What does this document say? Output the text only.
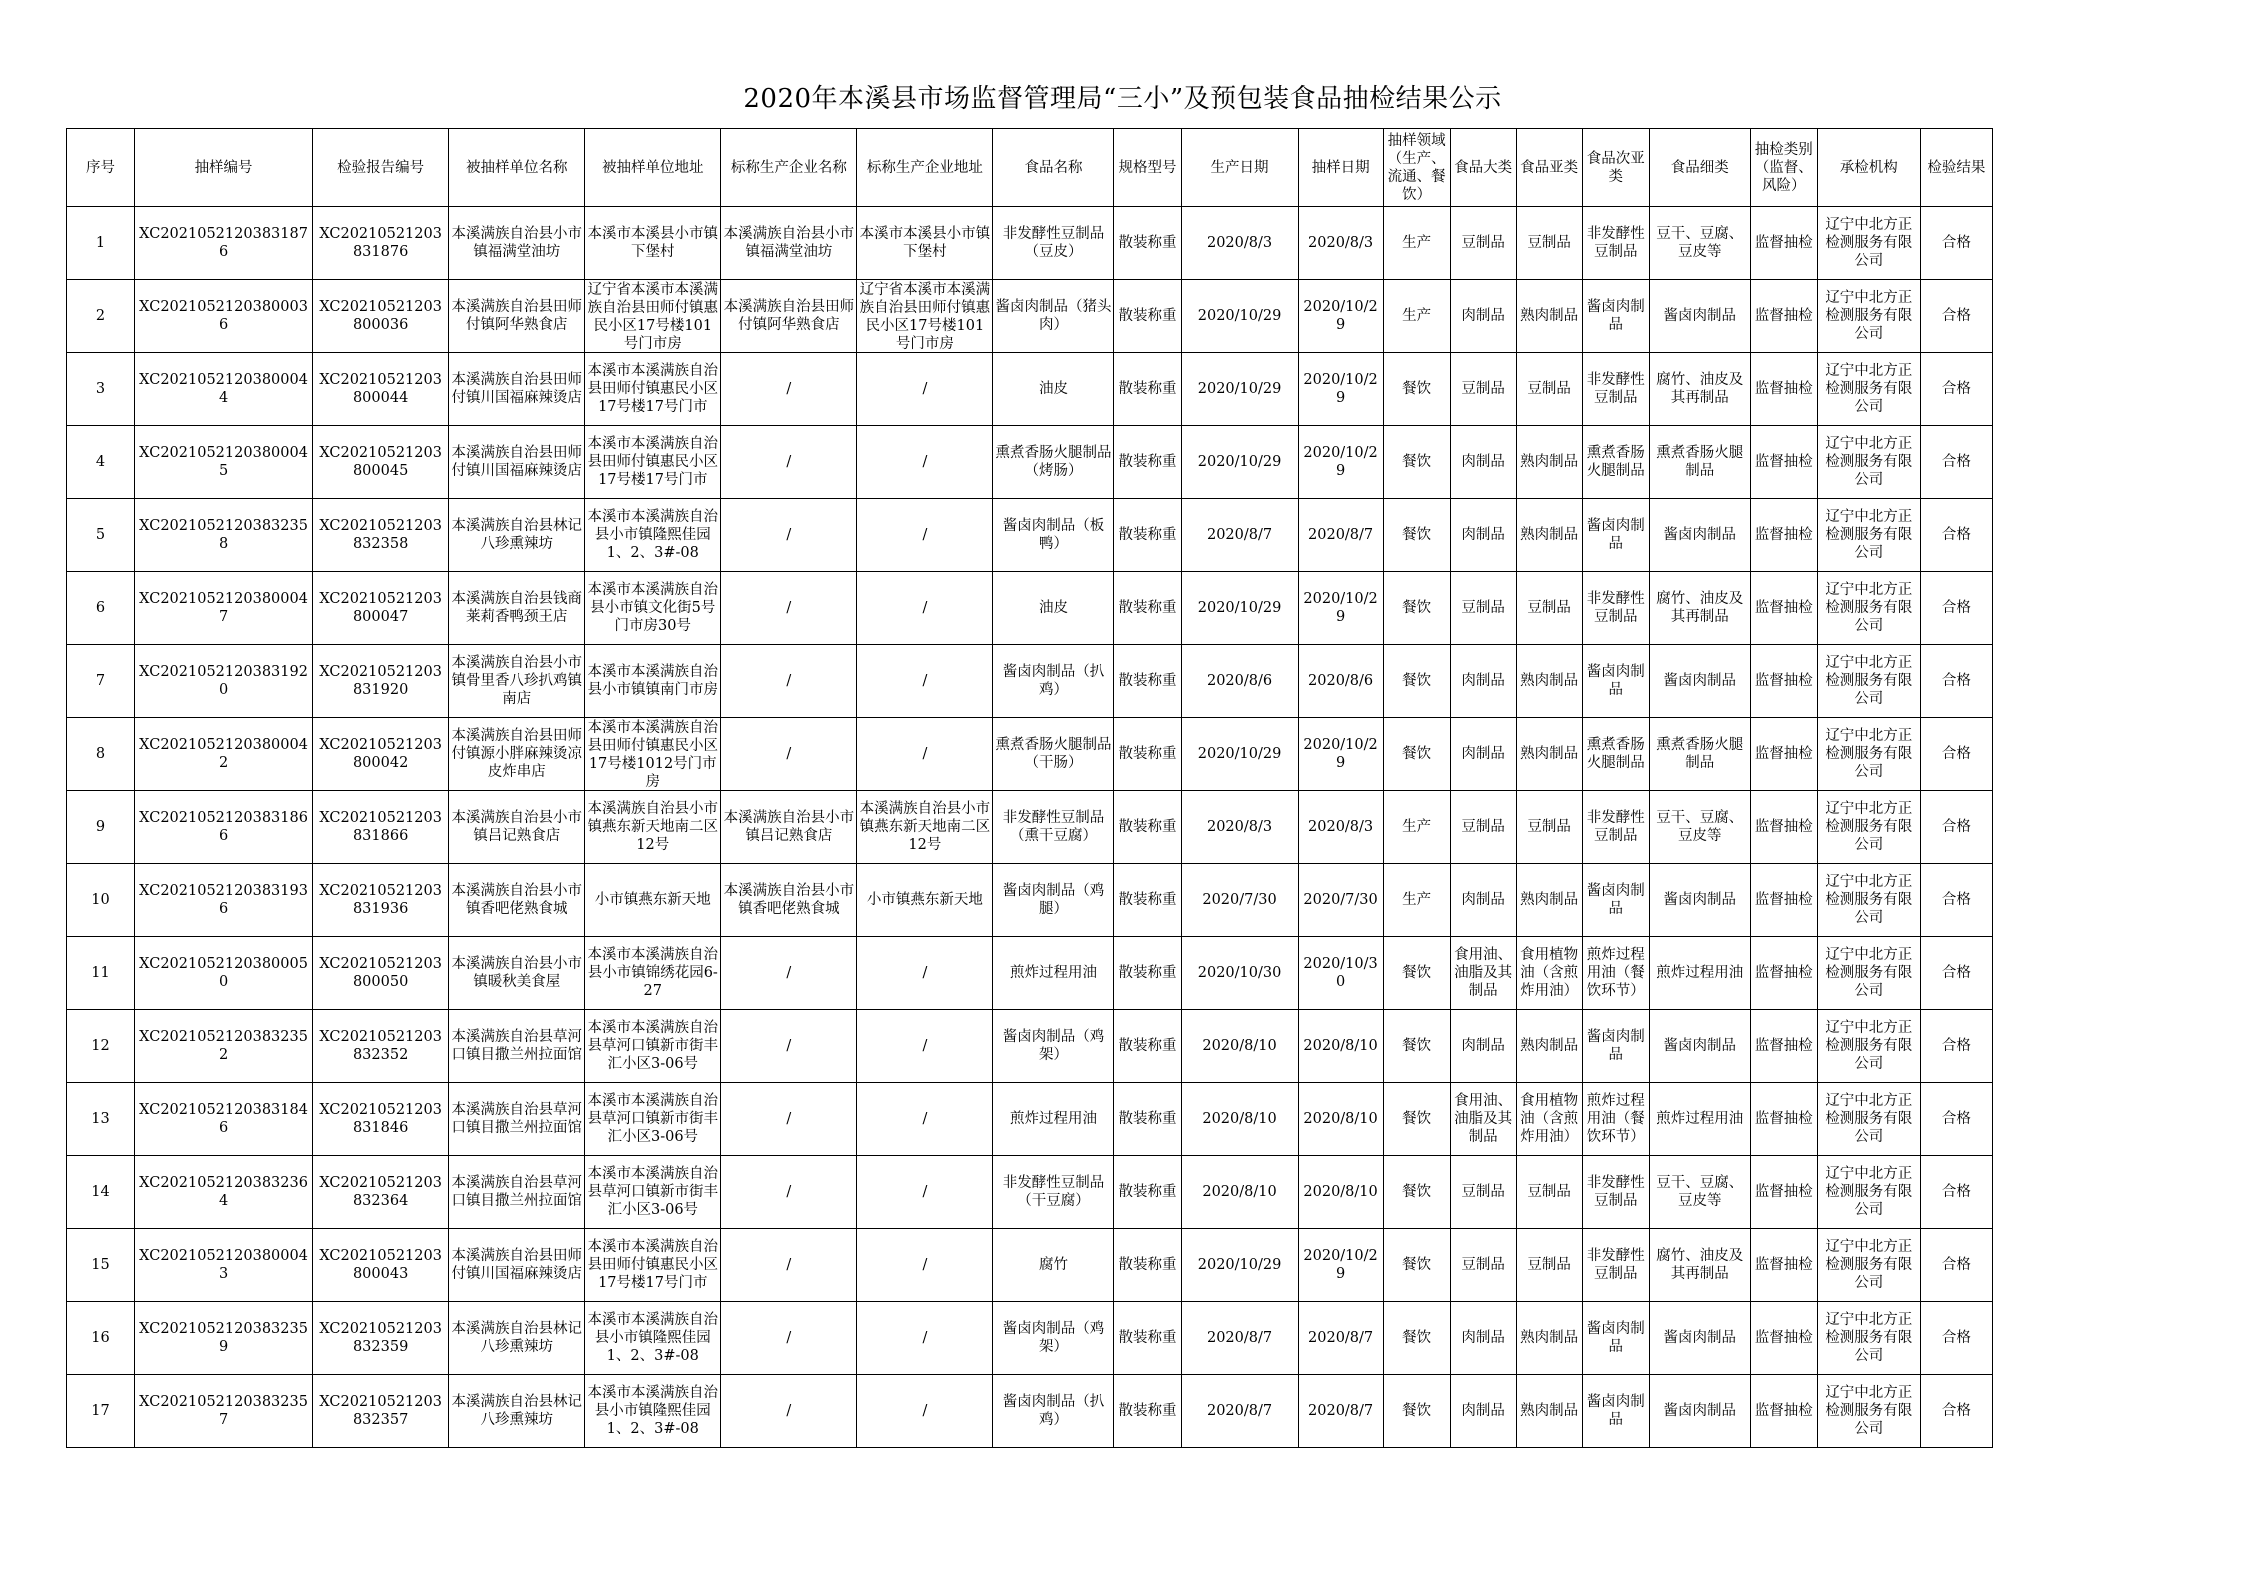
2020年本溪县市场监督管理局“三小”及预包装食品抽检结果公示
序号	抽样编号	检验报告编号	被抽样单位名称	被抽样单位地址	标称生产企业名称	标称生产企业地址	食品名称	规格型号	生产日期	抽样日期	抽样领域（生产、流通、餐饮）	食品大类	食品亚类	食品次亚类	食品细类	抽检类别（监督、风险）	承检机构	检验结果

1	XC20210521203831876	XC20210521203831876	本溪满族自治县小市镇福满堂油坊	本溪市本溪县小市镇下堡村	本溪满族自治县小市镇福满堂油坊	本溪市本溪县小市镇下堡村	非发酵性豆制品（豆皮）	散装称重	2020/8/3	2020/8/3	生产	豆制品	豆制品	非发酵性豆制品	豆干、豆腐、豆皮等	监督抽检	辽宁中北方正检测服务有限公司	合格

2	XC20210521203800036	XC20210521203800036	本溪满族自治县田师付镇阿华熟食店	辽宁省本溪市本溪满族自治县田师付镇惠民小区17号楼101号门市房	本溪满族自治县田师付镇阿华熟食店	辽宁省本溪市本溪满族自治县田师付镇惠民小区17号楼101号门市房	酱卤肉制品（猪头肉）	散装称重	2020/10/29	2020/10/29	生产	肉制品	熟肉制品	酱卤肉制品	酱卤肉制品	监督抽检	辽宁中北方正检测服务有限公司	合格

3	XC20210521203800044	XC20210521203800044	本溪满族自治县田师付镇川国福麻辣烫店	本溪市本溪满族自治县田师付镇惠民小区17号楼17号门市	/	/	油皮	散装称重	2020/10/29	2020/10/29	餐饮	豆制品	豆制品	非发酵性豆制品	腐竹、油皮及其再制品	监督抽检	辽宁中北方正检测服务有限公司	合格

4	XC20210521203800045	XC20210521203800045	本溪满族自治县田师付镇川国福麻辣烫店	本溪市本溪满族自治县田师付镇惠民小区17号楼17号门市	/	/	熏煮香肠火腿制品（烤肠）	散装称重	2020/10/29	2020/10/29	餐饮	肉制品	熟肉制品	熏煮香肠火腿制品	熏煮香肠火腿制品	监督抽检	辽宁中北方正检测服务有限公司	合格

5	XC20210521203832358	XC20210521203832358	本溪满族自治县林记八珍熏辣坊	本溪市本溪满族自治县小市镇隆熙佳园1、2、3#-08	/	/	酱卤肉制品（板鸭）	散装称重	2020/8/7	2020/8/7	餐饮	肉制品	熟肉制品	酱卤肉制品	酱卤肉制品	监督抽检	辽宁中北方正检测服务有限公司	合格

6	XC20210521203800047	XC20210521203800047	本溪满族自治县钱商莱莉香鸭颈王店	本溪市本溪满族自治县小市镇文化街5号门市房30号	/	/	油皮	散装称重	2020/10/29	2020/10/29	餐饮	豆制品	豆制品	非发酵性豆制品	腐竹、油皮及其再制品	监督抽检	辽宁中北方正检测服务有限公司	合格

7	XC20210521203831920	XC20210521203831920	本溪满族自治县小市镇骨里香八珍扒鸡镇南店	本溪市本溪满族自治县小市镇镇南门市房	/	/	酱卤肉制品（扒鸡）	散装称重	2020/8/6	2020/8/6	餐饮	肉制品	熟肉制品	酱卤肉制品	酱卤肉制品	监督抽检	辽宁中北方正检测服务有限公司	合格

8	XC20210521203800042	XC20210521203800042	本溪满族自治县田师付镇源小胖麻辣烫凉皮炸串店	本溪市本溪满族自治县田师付镇惠民小区17号楼1012号门市房	/	/	熏煮香肠火腿制品（干肠）	散装称重	2020/10/29	2020/10/29	餐饮	肉制品	熟肉制品	熏煮香肠火腿制品	熏煮香肠火腿制品	监督抽检	辽宁中北方正检测服务有限公司	合格

9	XC20210521203831866	XC20210521203831866	本溪满族自治县小市镇吕记熟食店	本溪满族自治县小市镇燕东新天地南二区12号	本溪满族自治县小市镇吕记熟食店	本溪满族自治县小市镇燕东新天地南二区12号	非发酵性豆制品（熏干豆腐）	散装称重	2020/8/3	2020/8/3	生产	豆制品	豆制品	非发酵性豆制品	豆干、豆腐、豆皮等	监督抽检	辽宁中北方正检测服务有限公司	合格

10	XC20210521203831936	XC20210521203831936	本溪满族自治县小市镇香吧佬熟食城	小市镇燕东新天地	本溪满族自治县小市镇香吧佬熟食城	小市镇燕东新天地	酱卤肉制品（鸡腿）	散装称重	2020/7/30	2020/7/30	生产	肉制品	熟肉制品	酱卤肉制品	酱卤肉制品	监督抽检	辽宁中北方正检测服务有限公司	合格

11	XC20210521203800050	XC20210521203800050	本溪满族自治县小市镇暖秋美食屋	本溪市本溪满族自治县小市镇锦绣花园6-27	/	/	煎炸过程用油	散装称重	2020/10/30	2020/10/30	餐饮	食用油、油脂及其制品	食用植物油（含煎炸用油）	煎炸过程用油（餐饮环节）	煎炸过程用油	监督抽检	辽宁中北方正检测服务有限公司	合格

12	XC20210521203832352	XC20210521203832352	本溪满族自治县草河口镇目撒兰州拉面馆	本溪市本溪满族自治县草河口镇新市街丰汇小区3-06号	/	/	酱卤肉制品（鸡架）	散装称重	2020/8/10	2020/8/10	餐饮	肉制品	熟肉制品	酱卤肉制品	酱卤肉制品	监督抽检	辽宁中北方正检测服务有限公司	合格

13	XC20210521203831846	XC20210521203831846	本溪满族自治县草河口镇目撒兰州拉面馆	本溪市本溪满族自治县草河口镇新市街丰汇小区3-06号	/	/	煎炸过程用油	散装称重	2020/8/10	2020/8/10	餐饮	食用油、油脂及其制品	食用植物油（含煎炸用油）	煎炸过程用油（餐饮环节）	煎炸过程用油	监督抽检	辽宁中北方正检测服务有限公司	合格

14	XC20210521203832364	XC20210521203832364	本溪满族自治县草河口镇目撒兰州拉面馆	本溪市本溪满族自治县草河口镇新市街丰汇小区3-06号	/	/	非发酵性豆制品（干豆腐）	散装称重	2020/8/10	2020/8/10	餐饮	豆制品	豆制品	非发酵性豆制品	豆干、豆腐、豆皮等	监督抽检	辽宁中北方正检测服务有限公司	合格

15	XC20210521203800043	XC20210521203800043	本溪满族自治县田师付镇川国福麻辣烫店	本溪市本溪满族自治县田师付镇惠民小区17号楼17号门市	/	/	腐竹	散装称重	2020/10/29	2020/10/29	餐饮	豆制品	豆制品	非发酵性豆制品	腐竹、油皮及其再制品	监督抽检	辽宁中北方正检测服务有限公司	合格

16	XC20210521203832359	XC20210521203832359	本溪满族自治县林记八珍熏辣坊	本溪市本溪满族自治县小市镇隆熙佳园1、2、3#-08	/	/	酱卤肉制品（鸡架）	散装称重	2020/8/7	2020/8/7	餐饮	肉制品	熟肉制品	酱卤肉制品	酱卤肉制品	监督抽检	辽宁中北方正检测服务有限公司	合格

17	XC20210521203832357	XC20210521203832357	本溪满族自治县林记八珍熏辣坊	本溪市本溪满族自治县小市镇隆熙佳园1、2、3#-08	/	/	酱卤肉制品（扒鸡）	散装称重	2020/8/7	2020/8/7	餐饮	肉制品	熟肉制品	酱卤肉制品	酱卤肉制品	监督抽检	辽宁中北方正检测服务有限公司	合格
